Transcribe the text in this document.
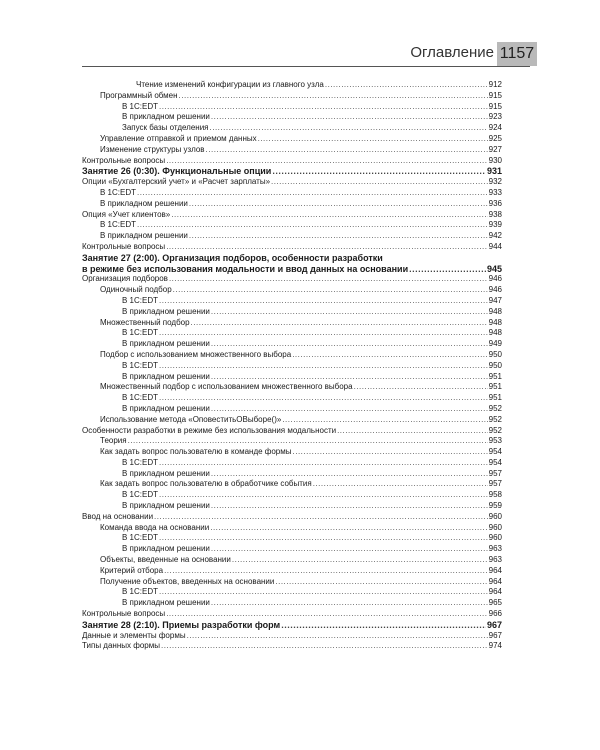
Оглавление 1157
Чтение изменений конфигурации из главного узла .....	912
Программный обмен .....	915
В 1С:EDT .....	915
В прикладном решении .....	923
Запуск базы отделения .....	924
Управление отправкой и приемом данных .....	925
Изменение структуры узлов .....	927
Контрольные вопросы .....	930
Занятие 26 (0:30). Функциональные опции .....	931
Опции «Бухгалтерский учет» и «Расчет зарплаты» .....	932
В 1С:EDT .....	933
В прикладном решении .....	936
Опция «Учет клиентов» .....	938
В 1С:EDT .....	939
В прикладном решении .....	942
Контрольные вопросы .....	944
Занятие 27 (2:00). Организация подборов, особенности разработки
в режиме без использования модальности и ввод данных на основании .....	945
Организация подборов .....	946
Одиночный подбор .....	946
В 1С:EDT .....	947
В прикладном решении .....	948
Множественный подбор .....	948
В 1С:EDT .....	948
В прикладном решении .....	949
Подбор с использованием множественного выбора .....	950
В 1С:EDT .....	950
В прикладном решении .....	951
Множественный подбор с использованием множественного выбора .....	951
В 1С:EDT .....	951
В прикладном решении .....	952
Использование метода «ОповеститьОВыборе()» .....	952
Особенности разработки в режиме без использования модальности .....	952
Теория .....	953
Как задать вопрос пользователю в команде формы .....	954
В 1С:EDT .....	954
В прикладном решении .....	957
Как задать вопрос пользователю в обработчике события .....	957
В 1С:EDT .....	958
В прикладном решении .....	959
Ввод на основании .....	960
Команда ввода на основании .....	960
В 1С:EDT .....	960
В прикладном решении .....	963
Объекты, введенные на основании .....	963
Критерий отбора .....	964
Получение объектов, введенных на основании .....	964
В 1С:EDT .....	964
В прикладном решении .....	965
Контрольные вопросы .....	966
Занятие 28 (2:10). Приемы разработки форм .....	967
Данные и элементы формы .....	967
Типы данных формы .....	974
